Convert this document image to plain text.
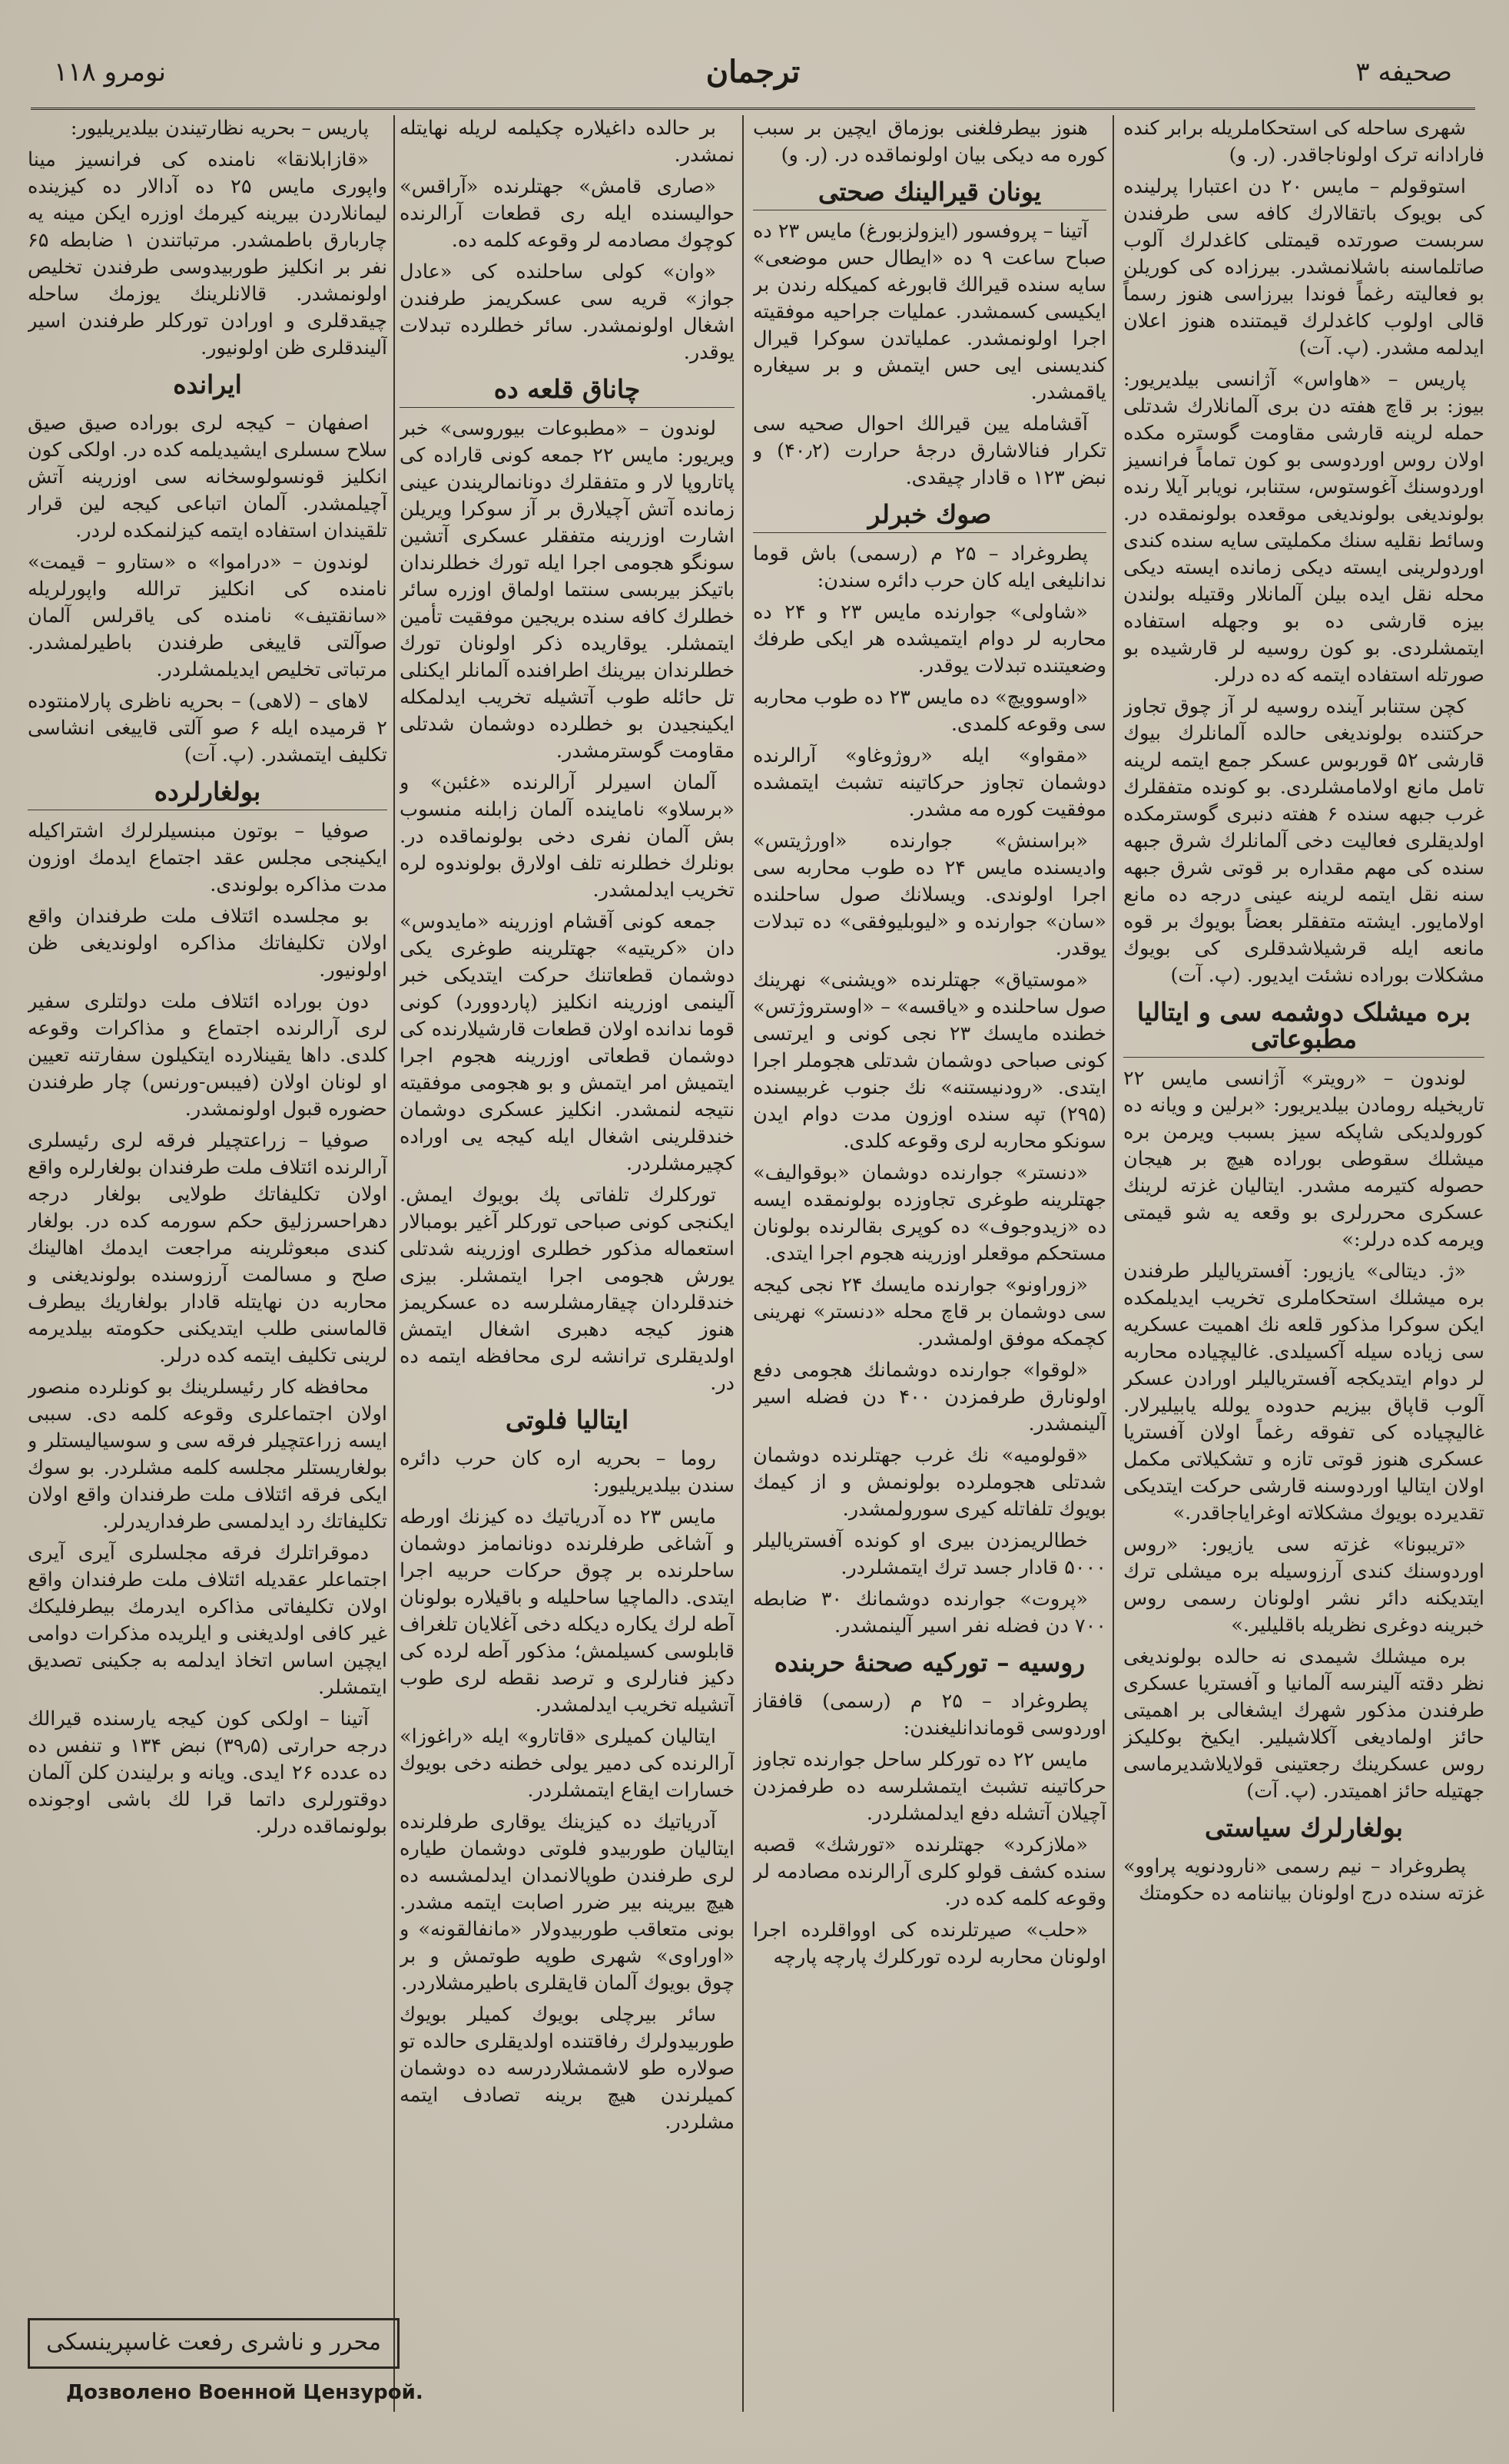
صحیفه ۳
ترجمان
نومرو ۱۱۸

شهری ساحله کی استحکاملریله برابر کنده فارادانه ترک اولوناجاقدر. (ر. و)

استوقولم – مایس ۲۰ دن اعتبارا پرلینده کی بویوک باتقالارك کافه سی طرفندن سربست صورتده قیمتلی کاغدلرك آلوب صاتلماسنه باشلانمشدر. بیرزاده کی کوریلن بو فعالیته رغماً فوندا بیرزاسی هنوز رسماً قالی اولوب کاغدلرك قیمتنده هنوز اعلان ایدلمه مشدر. (پ. آت)

پاریس – «هاواس» آژانسی بیلدیریور: بیوز: بر قاچ هفته دن بری آلمانلارك شدتلی حمله لرینه قارشی مقاومت گوستره مکده اولان روس اوردوسی بو کون تماماً فرانسیز اوردوسنك آغوستوس، ستنابر، نویابر آیلا رنده بولوندیغی بولوندیغی موقعده بولونمقده در. وسائط نقلیه سنك مکملیتی سایه سنده کندی اوردولرینی ایسته دیکی زمانده ایسته دیکی محله نقل ایده بیلن آلمانلار وقتیله بولندن بیزه قارشی ده بو وجهله استفاده ایتمشلردی. بو کون روسیه لر قارشیده بو صورتله استفاده ایتمه که ده درلر.

کچن ستنابر آینده روسیه لر آز چوق تجاوز حرکتنده بولوندیغی حالده آلمانلرك بیوك قارشی ۵۲ قوربوس عسکر جمع ایتمه لرینه تامل مانع اولامامشلردی. بو کونده متفقلرك غرب جبهه سنده ۶ هفته دنبری گوسترمکده اولدیقلری فعالیت دخی آلمانلرك شرق جبهه سنده کی مهم مقداره بر قوتی شرق جبهه سنه نقل ایتمه لرینه عینی درجه ده مانع اولامایور. ایشته متفقلر بعضاً بویوك بر قوه مانعه ایله قرشیلاشدقلری کی بویوك مشکلات بوراده نشئت ایدیور. (پ. آت)

بره میشلک دوشمه سی و ایتالیا مطبوعاتی

لوندون – «رویتر» آژانسی مایس ۲۲ تاریخیله رومادن بیلدیریور: «برلین و ویانه ده کورولدیکی شاپکه سیز بسبب ویرمن بره میشلك سقوطی بوراده هیچ بر هیجان حصوله کتیرمه مشدر. ایتالیان غزته لرینك عسکری محررلری بو وقعه یه شو قیمتی ویرمه کده درلر:»

«ژ. دیتالی» یازیور: آفستریالیلر طرفندن بره میشلك استحکاملری تخریب ایدیلمکده ایکن سوکرا مذکور قلعه نك اهمیت عسکریه سی زیاده سیله آکسیلدی. غالیچیاده محاربه لر دوام ایتدیکجه آفستریالیلر اورادن عسکر آلوب قاپاق بیزیم حدوده یولله یابیلیرلار. غالیچیاده کی تفوقه رغماً اولان آفستریا عسکری هنوز قوتی تازه و تشکیلاتی مکمل اولان ایتالیا اوردوسنه قارشی حرکت ایتدیکی تقدیرده بویوك مشکلاته اوغرایاجاقدر.»

«تریبونا» غزته سی یازیور: «روس اوردوسنك کندی آرزوسیله بره میشلی ترك ایتدیکنه دائر نشر اولونان رسمی روس خبرینه دوغری نظریله باقلیلیر.»

بره میشلك شیمدی نه حالده بولوندیغی نظر دقته آلینرسه آلمانیا و آفستریا عسکری طرفندن مذکور شهرك ایشغالی بر اهمیتی حائز اولمادیغی آکلاشیلیر. ایکیخ بوکلیکز روس عسکرینك رجعتینی قولایلاشدیرماسی جهتیله حائز اهمیتدر. (پ. آت)

بولغارلرك سیاستی

پطروغراد – نیم رسمی «نارودنویه پراوو» غزته سنده درج اولونان بیاننامه ده حکومتك

هنوز بیطرفلغنی بوزماق ایچین بر سبب کوره مه دیکی بیان اولونماقده در. (ر. و)

یونان قیرالینك صحتی

آتینا – پروفسور (ایزولزبورغ) مایس ۲۳ ده صباح ساعت ۹ ده «ایطال حس موضعی» سایه سنده قیرالك قابورغه کمیکله رندن بر ایکیسی کسمشدر. عملیات جراحیه موفقیته اجرا اولونمشدر. عملیاتدن سوکرا قیرال کندیسنی ایی حس ایتمش و بر سیغاره یاقمشدر.

آقشامله یین قیرالك احوال صحیه سی تکرار فنالاشارق درجهٔ حرارت (۴۰٫۲) و نبض ۱۲۳ ه قادار چیقدی.

صوك خبرلر

پطروغراد – ۲۵ م (رسمی) باش قوما ندانلیغی ایله کان حرب دائره سندن:

«شاولی» جوارنده مایس ۲۳ و ۲۴ ده محاربه لر دوام ایتمیشده هر ایکی طرفك وضعیتنده تبدلات یوقدر.

«اوسوویچ» ده مایس ۲۳ ده طوب محاربه سی وقوعه کلمدی.

«مقواو» ایله «روژوغاو» آرالرنده دوشمان تجاوز حرکاتینه تشبث ایتمشده موفقیت کوره مه مشدر.

«براسنش» جوارنده «اورژیتس» وادیسنده مایس ۲۴ ده طوب محاربه سی اجرا اولوندی. ویسلانك صول ساحلنده «سان» جوارنده و «لیوبلیوفقی» ده تبدلات یوقدر.

«موستیاق» جهتلرنده «ویشنی» نهرینك صول ساحلنده و «یاقسه» – «اوستروژتس» خطنده مایسك ۲۳ نجی کونی و ایرتسی کونی صباحی دوشمان شدتلی هجوملر اجرا ایتدی. «رودنیستنه» نك جنوب غربیسنده (۲۹۵) تپه سنده اوزون مدت دوام ایدن سونکو محاربه لری وقوعه کلدی.

«دنستر» جوارنده دوشمان «بوقوالیف» جهتلرینه طوغری تجاوزده بولونمقده ایسه ده «زیدوجوف» ده کوپری بقالرنده بولونان مستحکم موقعلر اوزرینه هجوم اجرا ایتدی.

«زوراونو» جوارنده مایسك ۲۴ نجی کیجه سی دوشمان بر قاچ محله «دنستر» نهرینی کچمکه موفق اولمشدر.

«لوقوا» جوارنده دوشمانك هجومی دفع اولونارق طرفمزدن ۴۰۰ دن فضله اسیر آلینمشدر.

«قولومیه» نك غرب جهتلرنده دوشمان شدتلی هجوملرده بولونمش و از کیمك بویوك تلفاتله کیری سورولمشدر.

خطالریمزدن بیری او کونده آفستریالیلر ۵۰۰۰ قادار جسد ترك ایتمشلردر.

«پروت» جوارنده دوشمانك ۳۰ ضابطه ۷۰۰ دن فضله نفر اسیر آلینمشدر.

روسیه – تورکیه صحنهٔ حربنده

پطروغراد – ۲۵ م (رسمی) قافقاز اوردوسی قوماندانلیغندن:

مایس ۲۲ ده تورکلر ساحل جوارنده تجاوز حرکاتینه تشبث ایتمشلرسه ده طرفمزدن آچیلان آتشله دفع ایدلمشلردر.

«ملازکرد» جهتلرنده «تورشك» قصبه سنده کشف قولو کلری آرالرنده مصادمه لر وقوعه کلمه کده در.

«حلب» صیرتلرنده کی اوواقلرده اجرا اولونان محاربه لرده تورکلرك پارچه پارچه

بر حالده داغیلاره چکیلمه لریله نهایتله نمشدر.

«صاری قامش» جهتلرنده «آراقس» حوالیسنده ایله ری قطعات آرالرنده کوچوك مصادمه لر وقوعه کلمه ده.

«وان» کولی ساحلنده کی «عادل جواز» قریه سی عسکریمز طرفندن اشغال اولونمشدر. سائر خطلرده تبدلات یوقدر.

چاناق قلعه ده

لوندون – «مطبوعات بیوروسی» خبر ویریور: مایس ۲۲ جمعه کونی قاراده کی پاتاروپا لار و متفقلرك دونانمالریندن عینی زمانده آتش آچیلارق بر آز سوکرا ویریلن اشارت اوزرینه متفقلر عسکری آتشین سونگو هجومی اجرا ایله تورك خطلرندان باتیکز بیربسی سنتما اولماق اوزره سائر خطلرك کافه سنده بریجین موفقیت تأمین ایتمشلر. یوقاریده ذکر اولونان تورك خطلرندان بیرینك اطرافنده آلمانلر ایکنلی تل حائله طوب آتشیله تخریب ایدلمکله ایکینجیدن بو خطلرده دوشمان شدتلی مقاومت گوسترمشدر.

آلمان اسیرلر آرالرنده «غئبن» و «برسلاو» ناماینده آلمان زابلنه منسوب بش آلمان نفری دخی بولونماقده در. بونلرك خطلرنه تلف اولارق بولوندوه لره تخریب ایدلمشدر.

جمعه کونی آقشام اوزرینه «مایدوس» دان «کریتیه» جهتلرینه طوغری یکی دوشمان قطعاتنك حرکت ایتدیکی خبر آلینمی اوزرینه انکلیز (پاردوورد) کونی قوما ندانده اولان قطعات قارشیلارنده کی دوشمان قطعاتی اوزرینه هجوم اجرا ایتمیش امر ایتمش و بو هجومی موفقیته نتیجه لنمشدر. انکلیز عسکری دوشمان خندقلرینی اشغال ایله کیجه یی اوراده کچیرمشلردر.

تورکلرك تلفاتی پك بویوك ایمش. ایکنجی کونی صباحی تورکلر آغیر بومبالار استعماله مذکور خطلری اوزرینه شدتلی یورش هجومی اجرا ایتمشلر. بیزی خندقلردان چیقارمشلرسه ده عسکریمز هنوز کیجه دهبری اشغال ایتمش اولدیقلری ترانشه لری محافظه ایتمه ده در.

ایتالیا فلوتی

روما – بحریه اره کان حرب دائره سندن بیلدیریلیور:

مایس ۲۳ ده آدریاتیك ده کیزنك اورطه و آشاغی طرفلرنده دونانمامز دوشمان ساحلرنده بر چوق حرکات حربیه اجرا ایتدی. دالماچیا ساحلیله و باقیلاره بولونان آطه لرك یکاره دیکله دخی آغلایان تلغراف قابلوسی کسیلمش؛ مذکور آطه لرده کی دکیز فنارلری و ترصد نقطه لری طوب آتشیله تخریب ایدلمشدر.

ایتالیان کمیلری «قاتارو» ایله «راغوزا» آرالرنده کی دمیر یولی خطنه دخی بویوك خسارات ایقاع ایتمشلردر.

آدریاتیك ده کیزینك یوقاری طرفلرنده ایتالیان طوربیدو فلوتی دوشمان طیاره لری طرفندن طوپالانمدان ایدلمشسه ده هیچ بیرینه بیر ضرر اصابت ایتمه مشدر. بونی متعاقب طوربیدولار «مانفالقونه» و «اوراوی» شهری طوپه طوتمش و بر چوق بویوك آلمان قایقلری باطیرمشلاردر.

سائر بیرچلی بویوك کمیلر بویوك طوربیدولرك رفاقتنده اولدیقلری حالده تو صولاره طو لاشمشلاردرسه ده دوشمان کمیلرندن هیچ برینه تصادف ایتمه مشلردر.

پاریس – بحریه نظارتیندن بیلدیریلیور:

«قازابلانقا» نامنده کی فرانسیز مینا واپوری مایس ۲۵ ده آدالار ده کیزینده لیمانلاردن بیرینه کیرمك اوزره ایکن مینه یه چاربارق باطمشدر. مرتباتندن ۱ ضابطه ۶۵ نفر بر انکلیز طوربیدوسی طرفندن تخلیص اولونمشدر. قالانلرینك یوزمك ساحله چیقدقلری و اورادن تورکلر طرفندن اسیر آلیندقلری ظن اولونیور.

ایرانده

اصفهان – کیجه لری بوراده صیق صیق سلاح سسلری ایشیدیلمه کده در. اولکی کون انکلیز قونسولوسخانه سی اوزرینه آتش آچیلمشدر. آلمان اتباعی کیجه لین قرار تلقیندان استفاده ایتمه کیزلنمکده لردر.

لوندون – «دراموا» ه «ستارو – قیمت» نامنده کی انکلیز ترالله واپورلریله «سانقتیف» نامنده کی یاقرلس آلمان صوآلتی قاییغی طرفندن باطیرلمشدر. مرتباتی تخلیص ایدیلمشلردر.

لاهای – (لاهی) – بحریه ناظری پارلامنتوده ۲ قرمیده ایله ۶ صو آلتی قاییغی انشاسی تکلیف ایتمشدر. (پ. آت)

بولغارلرده

صوفیا – بوتون مبنسیلرلرك اشتراکیله ایکینجی مجلس عقد اجتماع ایدمك اوزون مدت مذاکره بولوندی.

بو مجلسده ائتلاف ملت طرفندان واقع اولان تکلیفاتك مذاکره اولوندیغی ظن اولونیور.

دون بوراده ائتلاف ملت دولتلری سفیر لری آرالرنده اجتماع و مذاکرات وقوعه کلدی. داها یقینلارده ایتکیلون سفارتنه تعیین او لونان اولان (فیبس‑ورنس) چار طرفندن حضوره قبول اولونمشدر.

صوفیا – زراعتچیلر فرقه لری رئیسلری آرالرنده ائتلاف ملت طرفندان بولغارلره واقع اولان تکلیفاتك طولایی بولغار درجه دهراحسرزلیق حکم سورمه کده در. بولغار کندی مبعوثلرینه مراجعت ایدمك اهالینك صلح و مسالمت آرزوسنده بولوندیغنی و محاربه دن نهایتله قادار بولغاریك بیطرف قالماسنی طلب ایتدیکنی حکومته بیلدیرمه لرینی تکلیف ایتمه کده درلر.

محافظه کار رئیسلرینك بو کونلرده منصور اولان اجتماعلری وقوعه کلمه دی. سببی ایسه زراعتچیلر فرقه سی و سوسیالیستلر و بولغاریستلر مجلسه کلمه مشلردر. بو سوك ایکی فرقه ائتلاف ملت طرفندان واقع اولان تکلیفاتك رد ایدلمسی طرفداریدرلر.

دموقراتلرك فرقه مجلسلری آیری آیری اجتماعلر عقدیله ائتلاف ملت طرفندان واقع اولان تکلیفاتی مذاکره ایدرمك بیطرفلیکك غیر کافی اولدیغنی و ایلریده مذکرات دوامی ایچین اساس اتخاذ ایدلمه به جکینی تصدیق ایتمشلر.

آتینا – اولکی کون کیجه یارسنده قیرالك درجه حرارتی (۳۹٫۵) نبض ۱۳۴ و تنفس ده ده عدده ۲۶ ایدی. ویانه و برلیندن کلن آلمان دوقتورلری داتما قرا لك باشی اوجونده بولونماقده درلر.

محرر و ناشری رفعت غاسپرینسکی
Дозволено Военной Цензурой.
